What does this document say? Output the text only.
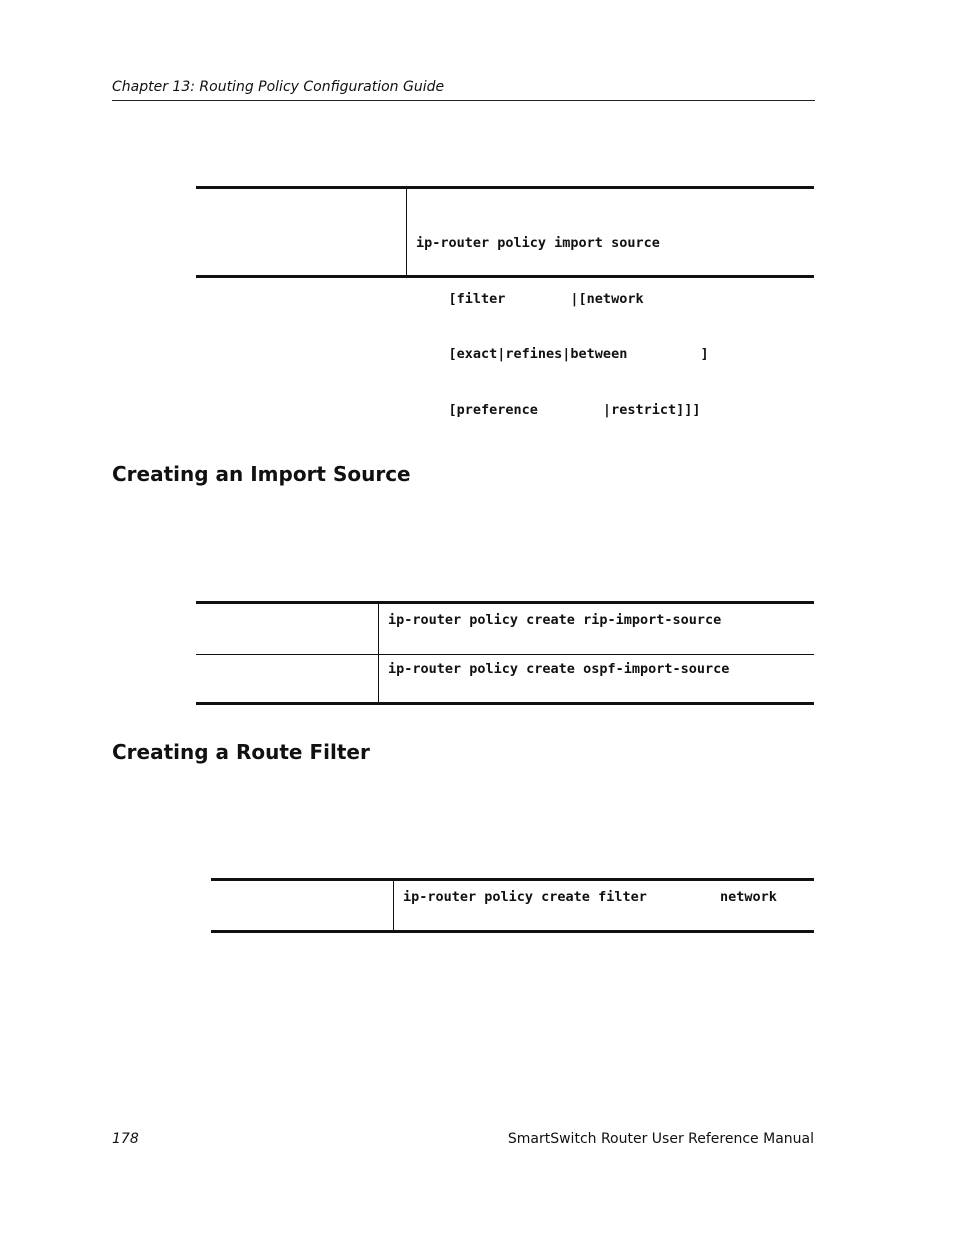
Chapter 13: Routing Policy Configuration Guide

ip-router policy import source

[filter        |[network

[exact|refines|between         ]

[preference        |restrict]]]

Creating an Import Source
ip-router policy create rip-import-source
ip-router policy create ospf-import-source
Creating a Route Filter
ip-router policy create filter         network
178	SmartSwitch Router User Reference Manual
